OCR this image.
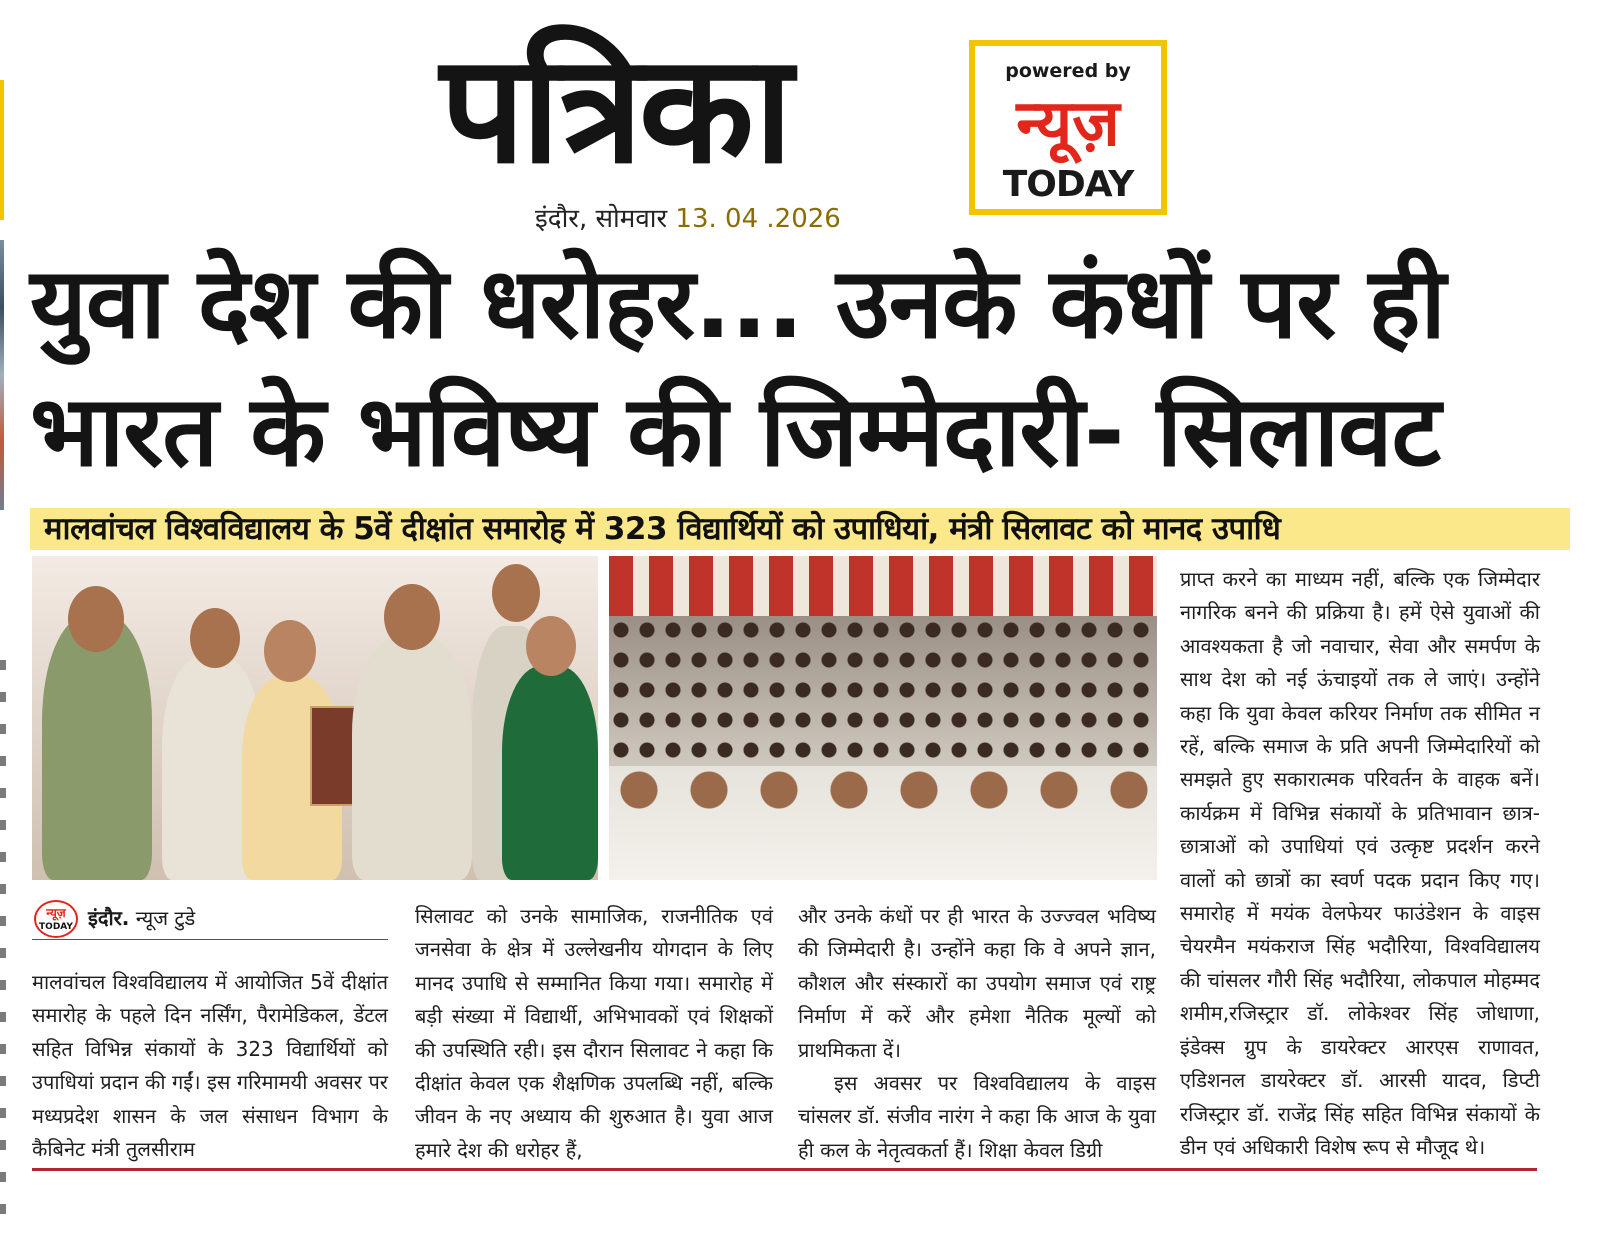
पत्रिका
इंदौर, सोमवार 13. 04 .2026
powered by
न्यूज़
TODAY
युवा देश की धरोहर... उनके कंधों पर ही
भारत के भविष्य की जिम्मेदारी- सिलावट
मालवांचल विश्वविद्यालय के 5वें दीक्षांत समारोह में 323 विद्यार्थियों को उपाधियां, मंत्री सिलावट को मानद उपाधि
न्यूज़
TODAY इंदौर. न्यूज टुडे
मालवांचल विश्वविद्यालय में आयोजित 5वें दीक्षांत समारोह के पहले दिन नर्सिंग, पैरामेडिकल, डेंटल सहित विभिन्न संकायों के 323 विद्यार्थियों को उपाधियां प्रदान की गईं। इस गरिमामयी अवसर पर मध्यप्रदेश शासन के जल संसाधन विभाग के कैबिनेट मंत्री तुलसीराम
सिलावट को उनके सामाजिक, राजनीतिक एवं जनसेवा के क्षेत्र में उल्लेखनीय योगदान के लिए मानद उपाधि से सम्मानित किया गया। समारोह में बड़ी संख्या में विद्यार्थी, अभिभावकों एवं शिक्षकों की उपस्थिति रही। इस दौरान सिलावट ने कहा कि दीक्षांत केवल एक शैक्षणिक उपलब्धि नहीं, बल्कि जीवन के नए अध्याय की शुरुआत है। युवा आज हमारे देश की धरोहर हैं,

और उनके कंधों पर ही भारत के उज्ज्वल भविष्य की जिम्मेदारी है। उन्होंने कहा कि वे अपने ज्ञान, कौशल और संस्कारों का उपयोग समाज एवं राष्ट्र निर्माण में करें और हमेशा नैतिक मूल्यों को प्राथमिकता दें।

इस अवसर पर विश्वविद्यालय के वाइस चांसलर डॉ. संजीव नारंग ने कहा कि आज के युवा ही कल के नेतृत्वकर्ता हैं। शिक्षा केवल डिग्री

प्राप्त करने का माध्यम नहीं, बल्कि एक जिम्मेदार नागरिक बनने की प्रक्रिया है। हमें ऐसे युवाओं की आवश्यकता है जो नवाचार, सेवा और समर्पण के साथ देश को नई ऊंचाइयों तक ले जाएं। उन्होंने कहा कि युवा केवल करियर निर्माण तक सीमित न रहें, बल्कि समाज के प्रति अपनी जिम्मेदारियों को समझते हुए सकारात्मक परिवर्तन के वाहक बनें। कार्यक्रम में विभिन्न संकायों के प्रतिभावान छात्र-छात्राओं को उपाधियां एवं उत्कृष्ट प्रदर्शन करने वालों को छात्रों का स्वर्ण पदक प्रदान किए गए। समारोह में मयंक वेलफेयर फाउंडेशन के वाइस चेयरमैन मयंकराज सिंह भदौरिया, विश्वविद्यालय की चांसलर गौरी सिंह भदौरिया, लोकपाल मोहम्मद शमीम,रजिस्ट्रार डॉ. लोकेश्वर सिंह जोधाणा, इंडेक्स ग्रुप के डायरेक्टर आरएस राणावत, एडिशनल डायरेक्टर डॉ. आरसी यादव, डिप्टी रजिस्ट्रार डॉ. राजेंद्र सिंह सहित विभिन्न संकायों के डीन एवं अधिकारी विशेष रूप से मौजूद थे।
